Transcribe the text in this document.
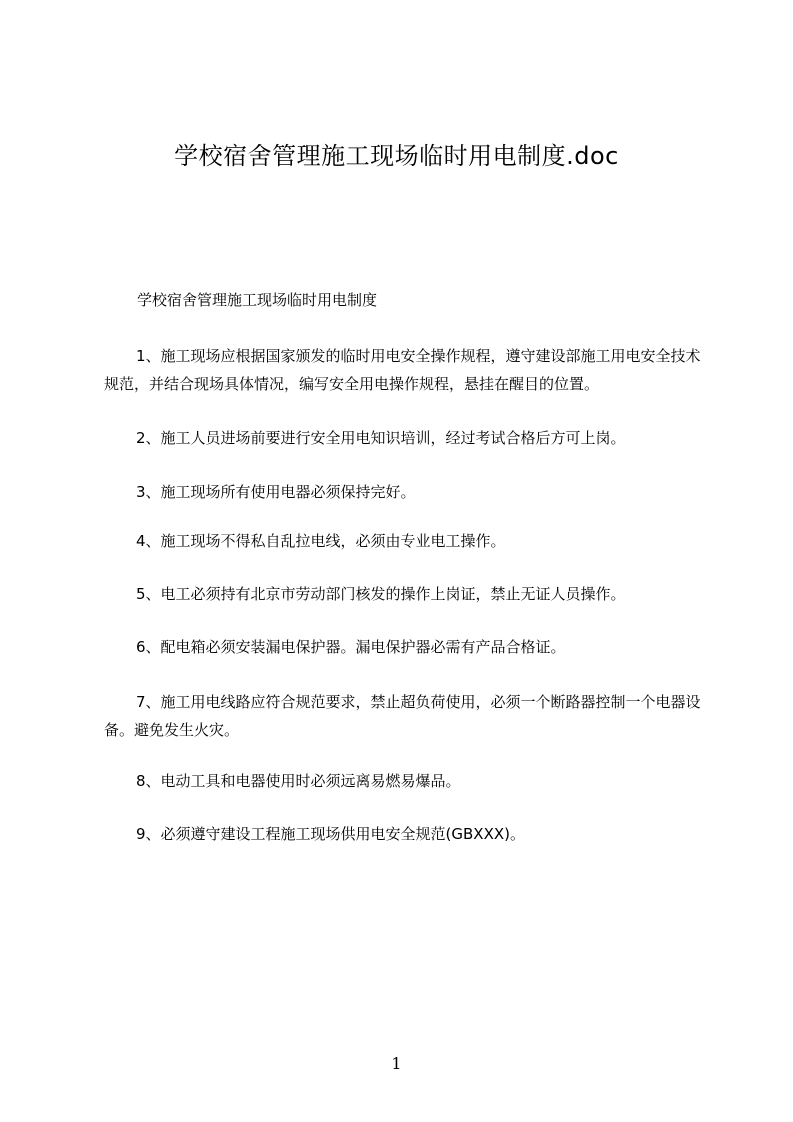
学校宿舍管理施工现场临时用电制度.doc

学校宿舍管理施工现场临时用电制度

1、施工现场应根据国家颁发的临时用电安全操作规程，遵守建设部施工用电安全技术规范，并结合现场具体情况，编写安全用电操作规程，悬挂在醒目的位置。

2、施工人员进场前要进行安全用电知识培训，经过考试合格后方可上岗。

3、施工现场所有使用电器必须保持完好。

4、施工现场不得私自乱拉电线，必须由专业电工操作。

5、电工必须持有北京市劳动部门核发的操作上岗证，禁止无证人员操作。

6、配电箱必须安装漏电保护器。漏电保护器必需有产品合格证。

7、施工用电线路应符合规范要求，禁止超负荷使用，必须一个断路器控制一个电器设备。避免发生火灾。

8、电动工具和电器使用时必须远离易燃易爆品。

9、必须遵守建设工程施工现场供用电安全规范(GBXXX)。

1
